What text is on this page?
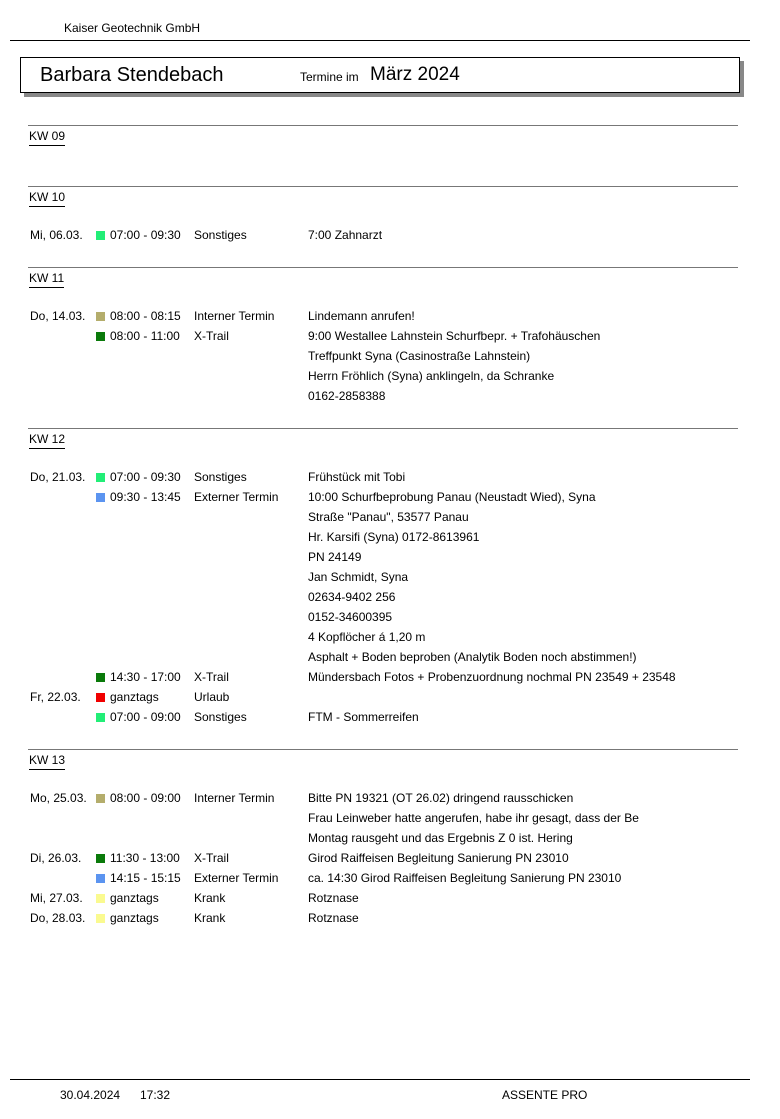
Kaiser Geotechnik GmbH
Barbara Stendebach	Termine im März 2024
KW 09
KW 10
Mi, 06.03. 07:00 - 09:30 Sonstiges	7:00 Zahnarzt
KW 11
Do, 14.03. 08:00 - 08:15 Interner Termin	Lindemann anrufen!
08:00 - 11:00 X-Trail	9:00 Westallee Lahnstein Schurfbepr. + Trafohäuschen
Treffpunkt Syna (Casinostraße Lahnstein)
Herrn Fröhlich (Syna) anklingeln, da Schranke
0162-2858388
KW 12
Do, 21.03. 07:00 - 09:30 Sonstiges	Frühstück mit Tobi
09:30 - 13:45 Externer Termin 10:00 Schurfbeprobung Panau (Neustadt Wied), Syna
Straße "Panau", 53577 Panau
Hr. Karsifi (Syna) 0172-8613961
PN 24149
Jan Schmidt, Syna
02634-9402 256
0152-34600395
4 Kopflöcher á 1,20 m
Asphalt + Boden beproben (Analytik Boden noch abstimmen!)
14:30 - 17:00 X-Trail	Mündersbach Fotos + Probenzuordnung nochmal PN 23549 + 23548
Fr, 22.03. ganztags	Urlaub
07:00 - 09:00 Sonstiges	FTM - Sommerreifen
KW 13
Mo, 25.03. 08:00 - 09:00 Interner Termin	Bitte PN 19321 (OT 26.02) dringend rausschicken
Frau Leinweber hatte angerufen, habe ihr gesagt, dass der Be
Montag rausgeht und das Ergebnis Z 0 ist. Hering
Di, 26.03. 11:30 - 13:00 X-Trail	Girod Raiffeisen Begleitung Sanierung PN 23010
14:15 - 15:15 Externer Termin ca. 14:30 Girod Raiffeisen Begleitung Sanierung PN 23010
Mi, 27.03. ganztags	Krank	Rotznase
Do, 28.03. ganztags	Krank	Rotznase
30.04.2024 17:32	ASSENTE PRO
